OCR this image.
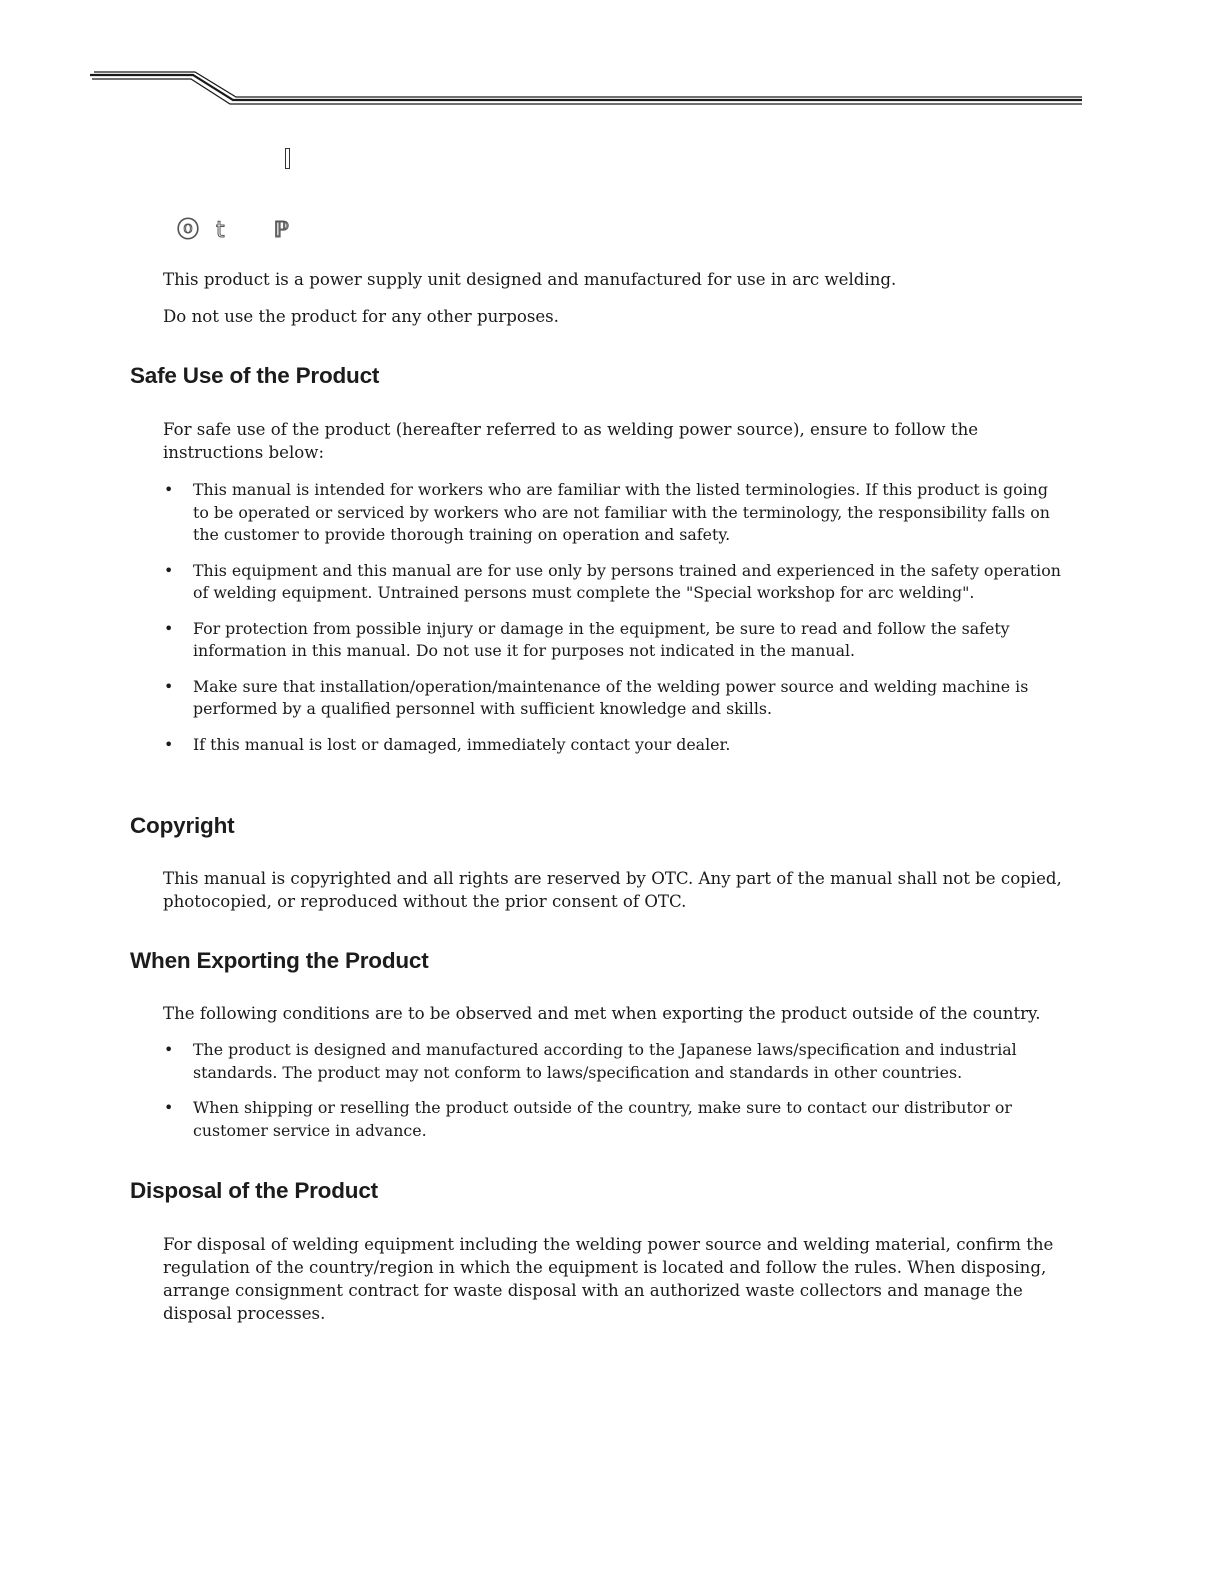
ⓞ  t      ℙ

This product is a power supply unit designed and manufactured for use in arc welding.

Do not use the product for any other purposes.

Safe Use of the Product

For safe use of the product (hereafter referred to as welding power source), ensure to follow the instructions below:

• This manual is intended for workers who are familiar with the listed terminologies. If this product is going to be operated or serviced by workers who are not familiar with the terminology, the responsibility falls on the customer to provide thorough training on operation and safety.
• This equipment and this manual are for use only by persons trained and experienced in the safety operation of welding equipment. Untrained persons must complete the "Special workshop for arc welding".
• For protection from possible injury or damage in the equipment, be sure to read and follow the safety information in this manual. Do not use it for purposes not indicated in the manual.
• Make sure that installation/operation/maintenance of the welding power source and welding machine is performed by a qualified personnel with sufficient knowledge and skills.
• If this manual is lost or damaged, immediately contact your dealer.
Copyright

This manual is copyrighted and all rights are reserved by OTC. Any part of the manual shall not be copied, photocopied, or reproduced without the prior consent of OTC.

When Exporting the Product

The following conditions are to be observed and met when exporting the product outside of the country.

• The product is designed and manufactured according to the Japanese laws/specification and industrial standards. The product may not conform to laws/specification and standards in other countries.
• When shipping or reselling the product outside of the country, make sure to contact our distributor or customer service in advance.
Disposal of the Product

For disposal of welding equipment including the welding power source and welding material, confirm the regulation of the country/region in which the equipment is located and follow the rules. When disposing, arrange consignment contract for waste disposal with an authorized waste collectors and manage the disposal processes.
